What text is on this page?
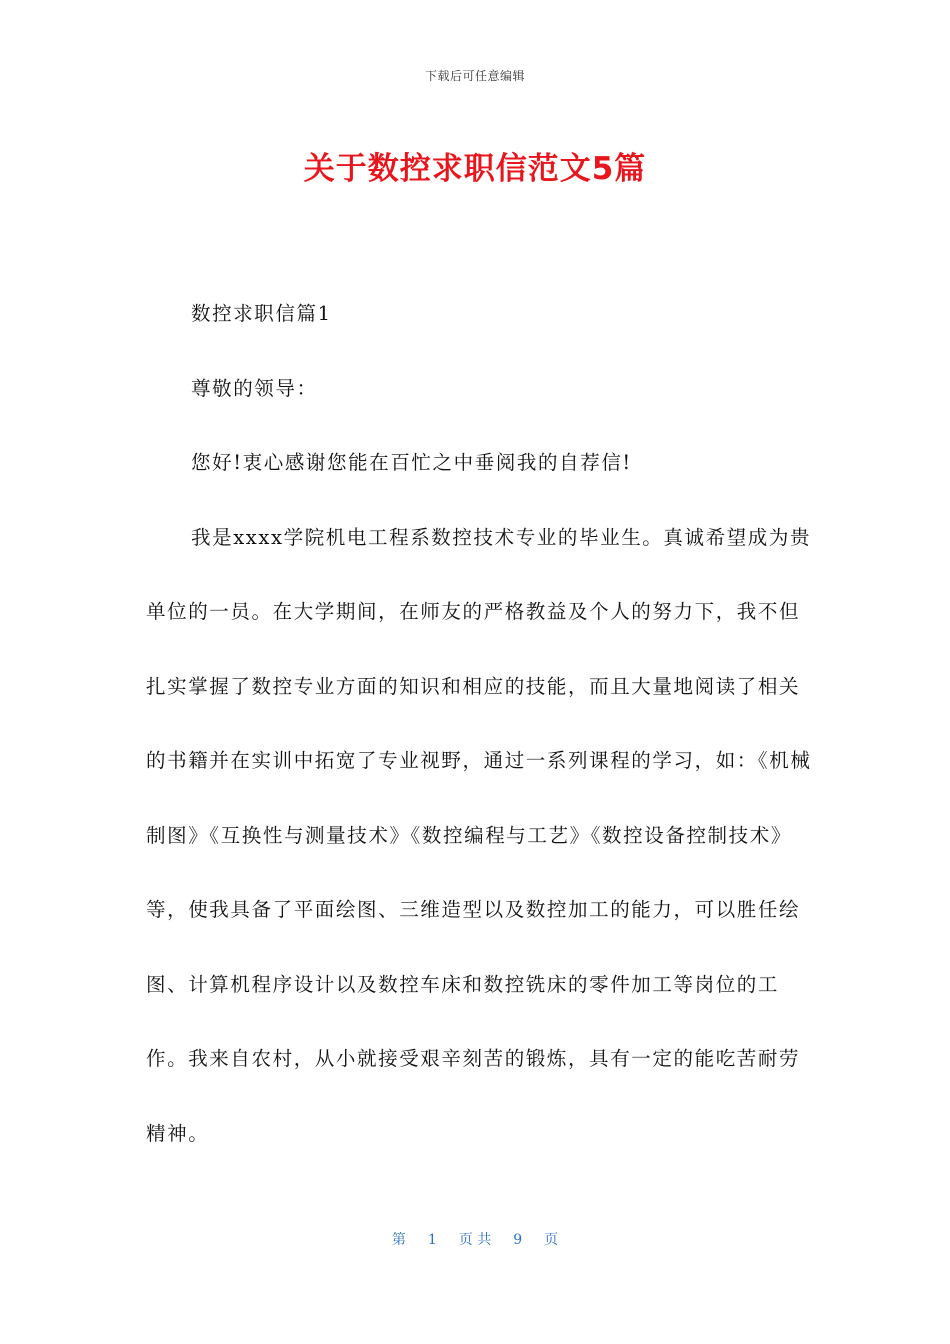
下载后可任意编辑
关于数控求职信范文5篇

数控求职信篇1

尊敬的领导：

您好!衷心感谢您能在百忙之中垂阅我的自荐信!

我是xxxx学院机电工程系数控技术专业的毕业生。真诚希望成为贵单位的一员。在大学期间，在师友的严格教益及个人的努力下，我不但扎实掌握了数控专业方面的知识和相应的技能，而且大量地阅读了相关的书籍并在实训中拓宽了专业视野，通过一系列课程的学习，如：《机械制图》《互换性与测量技术》《数控编程与工艺》《数控设备控制技术》等，使我具备了平面绘图、三维造型以及数控加工的能力，可以胜任绘图、计算机程序设计以及数控车床和数控铣床的零件加工等岗位的工作。我来自农村，从小就接受艰辛刻苦的锻炼，具有一定的能吃苦耐劳精神。

第 1 页 共 9 页
